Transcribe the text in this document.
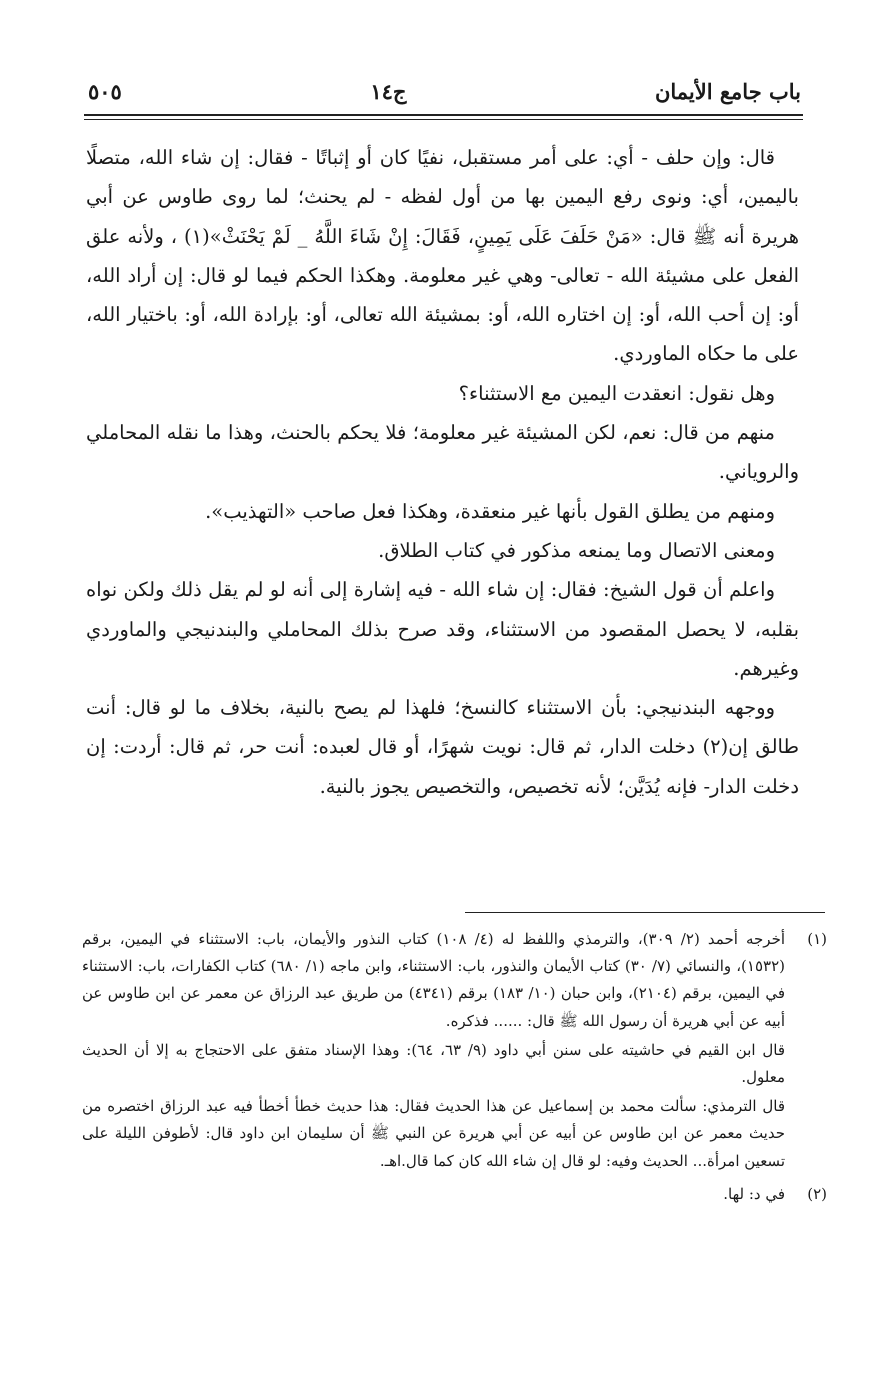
باب جامع الأيمان
ج١٤
٥٠٥

قال: وإن حلف - أي: على أمر مستقبل، نفيًا كان أو إثباتًا - فقال: إن شاء الله، متصلًا باليمين، أي: ونوى رفع اليمين بها من أول لفظه - لم يحنث؛ لما روى طاوس عن أبي هريرة أنه ﷺ قال: «مَنْ حَلَفَ عَلَى يَمِينٍ، فَقَالَ: إِنْ شَاءَ اللَّهُ _ لَمْ يَحْنَثْ»(١) ، ولأنه علق الفعل على مشيئة الله - تعالى- وهي غير معلومة. وهكذا الحكم فيما لو قال: إن أراد الله، أو: إن أحب الله، أو: إن اختاره الله، أو: بمشيئة الله تعالى، أو: بإرادة الله، أو: باختيار الله، على ما حكاه الماوردي.

وهل نقول: انعقدت اليمين مع الاستثناء؟

منهم من قال: نعم، لكن المشيئة غير معلومة؛ فلا يحكم بالحنث، وهذا ما نقله المحاملي والروياني.

ومنهم من يطلق القول بأنها غير منعقدة، وهكذا فعل صاحب «التهذيب».

ومعنى الاتصال وما يمنعه مذكور في كتاب الطلاق.

واعلم أن قول الشيخ: فقال: إن شاء الله - فيه إشارة إلى أنه لو لم يقل ذلك ولكن نواه بقلبه، لا يحصل المقصود من الاستثناء، وقد صرح بذلك المحاملي والبندنيجي والماوردي وغيرهم.

ووجهه البندنيجي: بأن الاستثناء كالنسخ؛ فلهذا لم يصح بالنية، بخلاف ما لو قال: أنت طالق إن(٢) دخلت الدار، ثم قال: نويت شهرًا، أو قال لعبده: أنت حر، ثم قال: أردت: إن دخلت الدار- فإنه يُدَيَّن؛ لأنه تخصيص، والتخصيص يجوز بالنية.

(١)

أخرجه أحمد (٢/ ٣٠٩)، والترمذي واللفظ له (٤/ ١٠٨) كتاب النذور والأيمان، باب: الاستثناء في اليمين، برقم (١٥٣٢)، والنسائي (٧/ ٣٠) كتاب الأيمان والنذور، باب: الاستثناء، وابن ماجه (١/ ٦٨٠) كتاب الكفارات، باب: الاستثناء في اليمين، برقم (٢١٠٤)، وابن حبان (١٠/ ١٨٣) برقم (٤٣٤١) من طريق عبد الرزاق عن معمر عن ابن طاوس عن أبيه عن أبي هريرة أن رسول الله ﷺ قال: ...... فذكره.

قال ابن القيم في حاشيته على سنن أبي داود (٩/ ٦٣، ٦٤): وهذا الإسناد متفق على الاحتجاج به إلا أن الحديث معلول.

قال الترمذي: سألت محمد بن إسماعيل عن هذا الحديث فقال: هذا حديث خطأ أخطأ فيه عبد الرزاق اختصره من حديث معمر عن ابن طاوس عن أبيه عن أبي هريرة عن النبي ﷺ أن سليمان ابن داود قال: لأطوفن الليلة على تسعين امرأة... الحديث وفيه: لو قال إن شاء الله كان كما قال.اهـ.

(٢)

في د: لها.
